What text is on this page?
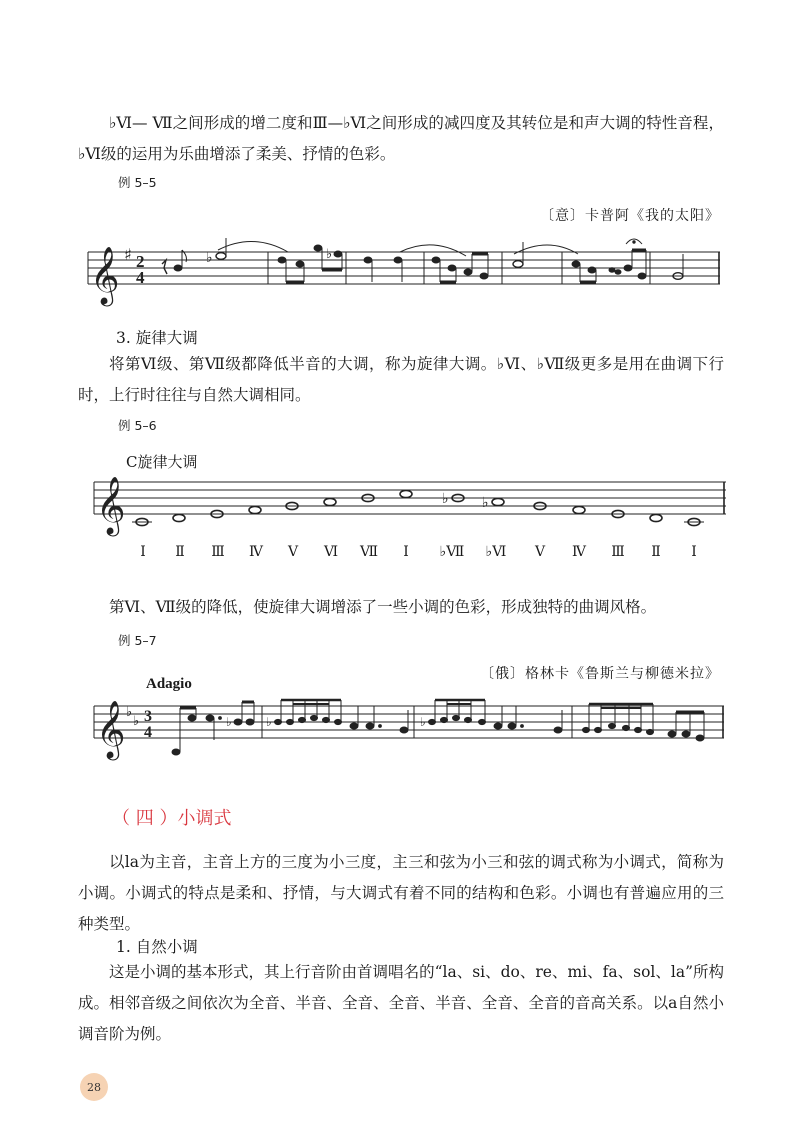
♭Ⅵ— Ⅶ之间形成的增二度和Ⅲ—♭Ⅵ之间形成的减四度及其转位是和声大调的特性音程，♭Ⅵ级的运用为乐曲增添了柔美、抒情的色彩。

例 5–5
〔意〕卡普阿《我的太阳》
𝄞 ♯ 2
4
♭	♭
3. 旋律大调

将第Ⅵ级、第Ⅶ级都降低半音的大调，称为旋律大调。♭Ⅵ、♭Ⅶ级更多是用在曲调下行时，上行时往往与自然大调相同。

例 5–6
C旋律大调
𝄞	♭ ♭
Ⅰ Ⅱ Ⅲ Ⅳ Ⅴ Ⅵ Ⅶ Ⅰ ♭Ⅶ ♭Ⅵ Ⅴ Ⅳ Ⅲ Ⅱ Ⅰ

第Ⅵ、Ⅶ级的降低，使旋律大调增添了一些小调的色彩，形成独特的曲调风格。

例 5–7
〔俄〕格林卡《鲁斯兰与柳德米拉》
Adagio
𝄞 ♭
♭ 3
4
♭	♭	♭
（ 四 ）小调式

以la为主音，主音上方的三度为小三度，主三和弦为小三和弦的调式称为小调式，简称为小调。小调式的特点是柔和、抒情，与大调式有着不同的结构和色彩。小调也有普遍应用的三种类型。

1. 自然小调

这是小调的基本形式，其上行音阶由首调唱名的“la、si、do、re、mi、fa、sol、la”所构成。相邻音级之间依次为全音、半音、全音、全音、半音、全音、全音的音高关系。以a自然小调音阶为例。

28
